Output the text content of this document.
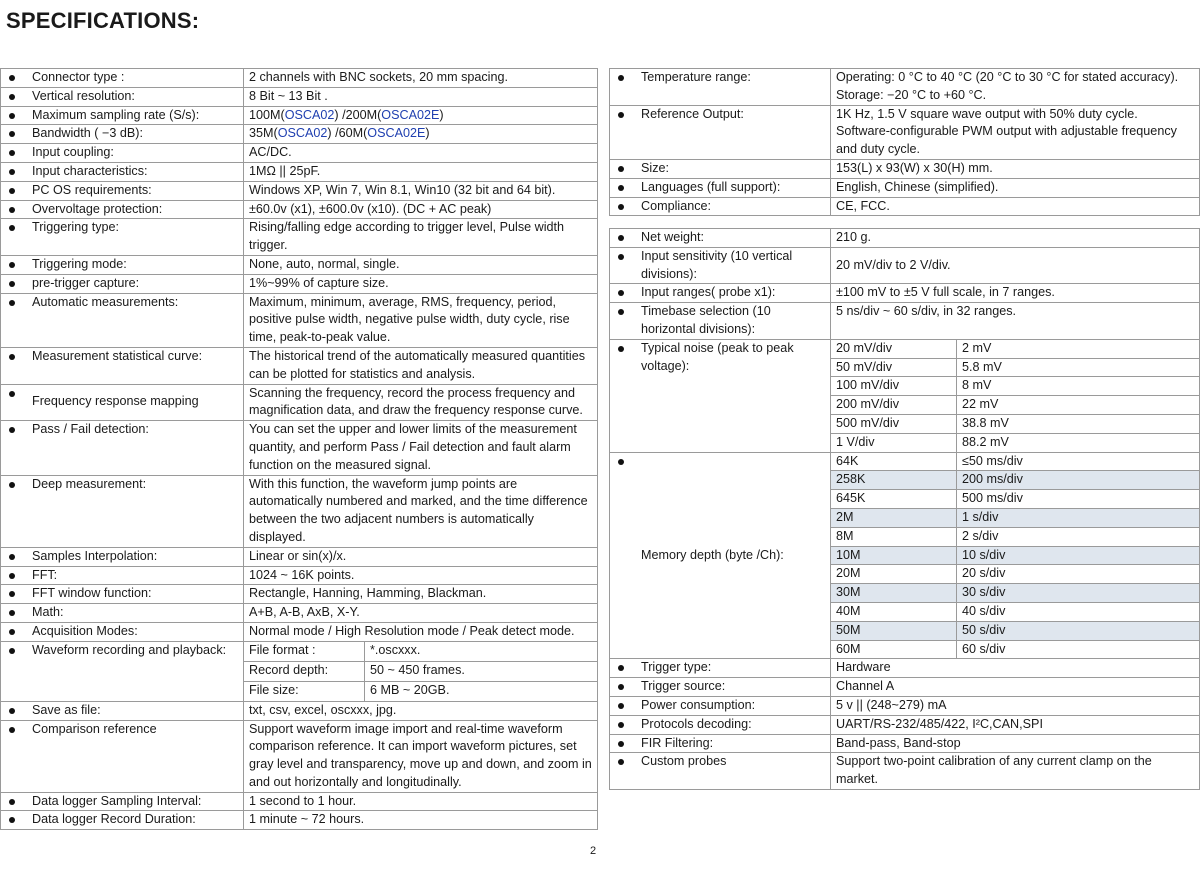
SPECIFICATIONS:
Connector type :	2 channels with BNC sockets, 20 mm spacing.	

Vertical resolution:	8 Bit ~ 13 Bit .	

Maximum sampling rate (S/s):	100M(OSCA02) /200M(OSCA02E)	

Bandwidth ( −3 dB):	35M(OSCA02) /60M(OSCA02E)	

Input coupling:	AC/DC.	

Input characteristics:	1MΩ || 25pF.	

PC OS requirements:	Windows XP, Win 7, Win 8.1, Win10 (32 bit and 64 bit).	

Overvoltage protection:	±60.0v (x1), ±600.0v (x10). (DC + AC peak)	

Triggering type:	Rising/falling edge according to trigger level, Pulse width trigger.	

Triggering mode:	None, auto, normal, single.	

pre-trigger capture:	1%~99% of capture size.	

Automatic measurements:	Maximum, minimum, average, RMS, frequency, period, positive pulse width, negative pulse width, duty cycle, rise time, peak-to-peak value.	

Measurement statistical curve:	The historical trend of the automatically measured quantities can be plotted for statistics and analysis.	

Frequency response mapping	Scanning the frequency, record the process frequency and magnification data, and draw the frequency response curve.	

Pass / Fail detection:	You can set the upper and lower limits of the measurement quantity, and perform Pass / Fail detection and fault alarm function on the measured signal.	

Deep measurement:	With this function, the waveform jump points are automatically numbered and marked, and the time difference between the two adjacent numbers is automatically displayed.	

Samples Interpolation:	Linear or sin(x)/x.	

FFT:	1024 ~ 16K points.	

FFT window function:	Rectangle, Hanning, Hamming, Blackman.	

Math:	A+B, A-B, AxB, X-Y.	

Acquisition Modes:	Normal mode / High Resolution mode / Peak detect mode.	

Waveform recording and playback:	File format :	*.oscxxx.
	Record depth:	50 ~ 450 frames.
	File size:	6 MB ~ 20GB.

Save as file:	txt, csv, excel, oscxxx, jpg.	

Comparison reference	Support waveform image import and real-time waveform comparison reference. It can import waveform pictures, set gray level and transparency, move up and down, and zoom in and out horizontally and longitudinally.	

Data logger Sampling Interval:	1 second to 1 hour.	

Data logger Record Duration:	1 minute ~ 72 hours.	
Temperature range:	Operating: 0 °C to 40 °C (20 °C to 30 °C for stated accuracy). Storage: −20 °C to +60 °C.

Reference Output:	1K Hz, 1.5 V square wave output with 50% duty cycle. Software-configurable PWM output with adjustable frequency and duty cycle.

Size:	153(L) x 93(W) x 30(H) mm.

Languages (full support):	English, Chinese (simplified).

Compliance:	CE, FCC.
Net weight:	210 g.	

Input sensitivity (10 vertical divisions):	20 mV/div to 2 V/div.	

Input ranges( probe x1):	±100 mV to ±5 V full scale, in 7 ranges.	

Timebase selection (10 horizontal divisions):	5 ns/div ~ 60 s/div, in 32 ranges.	

Typical noise (peak to peak voltage):	20 mV/div	2 mV
	50 mV/div	5.8 mV
	100 mV/div	8 mV
	200 mV/div	22 mV
	500 mV/div	38.8 mV
	1 V/div	88.2 mV

Memory depth (byte /Ch):	64K	≤50 ms/div
	258K	200 ms/div
	645K	500 ms/div
	2M	1 s/div
	8M	2 s/div
	10M	10 s/div
	20M	20 s/div
	30M	30 s/div
	40M	40 s/div
	50M	50 s/div
	60M	60 s/div

Trigger type:	Hardware	

Trigger source:	Channel A	

Power consumption:	5 v || (248~279) mA	

Protocols decoding:	UART/RS-232/485/422, I²C,CAN,SPI	

FIR Filtering:	Band-pass, Band-stop	

Custom probes	Support two-point calibration of any current clamp on the market.	
2
